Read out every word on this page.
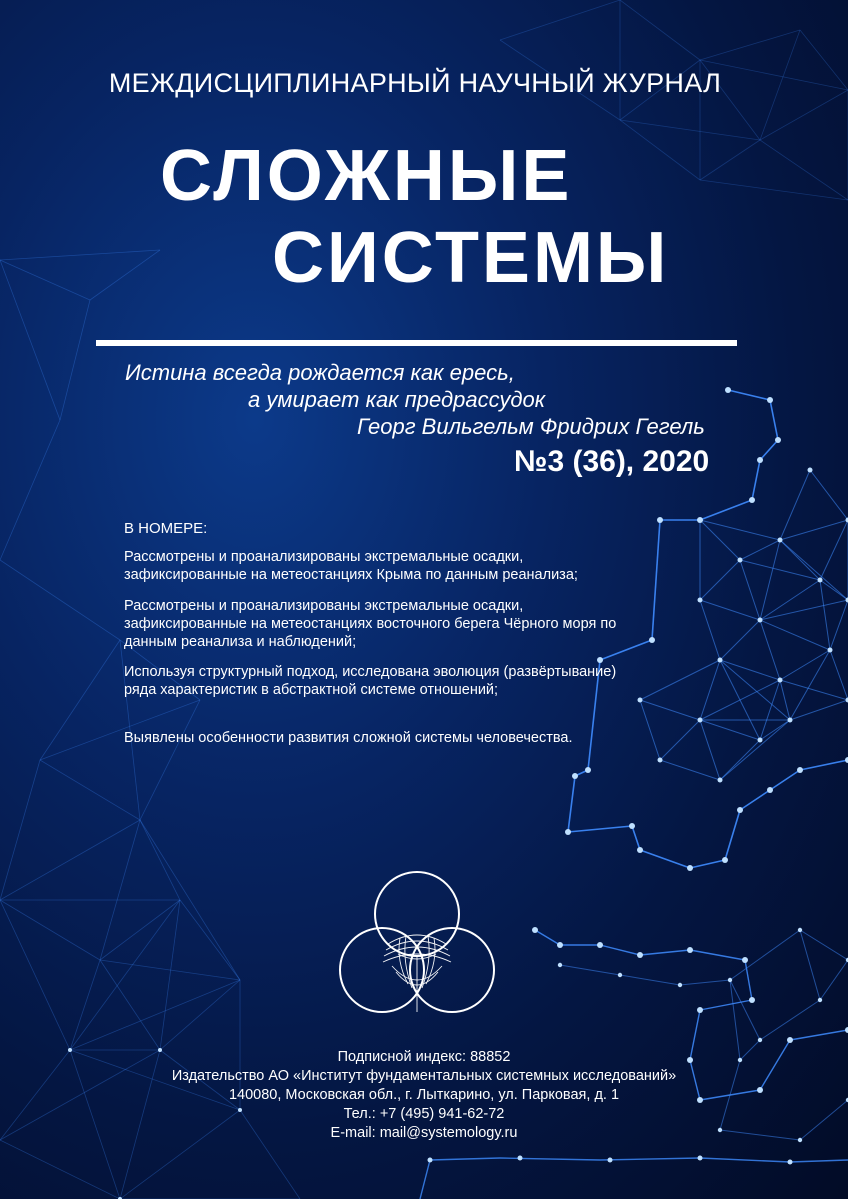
МЕЖДИСЦИПЛИНАРНЫЙ НАУЧНЫЙ ЖУРНАЛ
СЛОЖНЫЕ
СИСТЕМЫ
Истина всегда рождается как ересь,
а умирает как предрассудок
Георг Вильгельм Фридрих Гегель
№3 (36), 2020
В НОМЕРЕ:
Рассмотрены и проанализированы экстремальные осадки, зафиксированные на метеостанциях Крыма по данным реанализа;
Рассмотрены и проанализированы экстремальные осадки, зафиксированные на метеостанциях восточного берега Чёрного моря по данным реанализа и наблюдений;
Используя структурный подход, исследована эволюция (развёртывание) ряда характеристик в абстрактной системе отношений;
Выявлены особенности развития сложной системы человечества.
Подписной индекс: 88852
Издательство АО «Институт фундаментальных системных исследований»
140080, Московская обл., г. Лыткарино, ул. Парковая, д. 1
Тел.: +7 (495) 941-62-72
E-mail: mail@systemology.ru
